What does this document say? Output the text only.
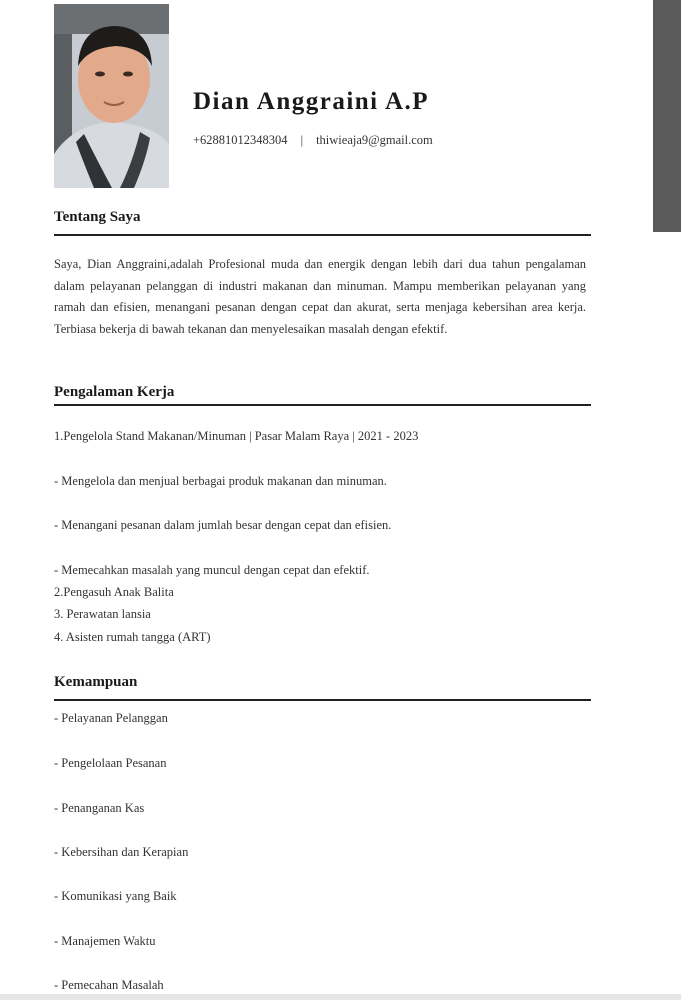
Dian Anggraini A.P
+62881012348304 | thiwieaja9@gmail.com
Tentang Saya
Saya, Dian Anggraini,adalah Profesional muda dan energik dengan lebih dari dua tahun pengalaman dalam pelayanan pelanggan di industri makanan dan minuman. Mampu memberikan pelayanan yang ramah dan efisien, menangani pesanan dengan cepat dan akurat, serta menjaga kebersihan area kerja. Terbiasa bekerja di bawah tekanan dan menyelesaikan masalah dengan efektif.
Pengalaman Kerja
1.Pengelola Stand Makanan/Minuman | Pasar Malam Raya | 2021 - 2023
- Mengelola dan menjual berbagai produk makanan dan minuman.
- Menangani pesanan dalam jumlah besar dengan cepat dan efisien.
- Memecahkan masalah yang muncul dengan cepat dan efektif.
2.Pengasuh Anak Balita
3. Perawatan lansia
4. Asisten rumah tangga (ART)
Kemampuan
- Pelayanan Pelanggan
- Pengelolaan Pesanan
- Penanganan Kas
- Kebersihan dan Kerapian
- Komunikasi yang Baik
- Manajemen Waktu
- Pemecahan Masalah
